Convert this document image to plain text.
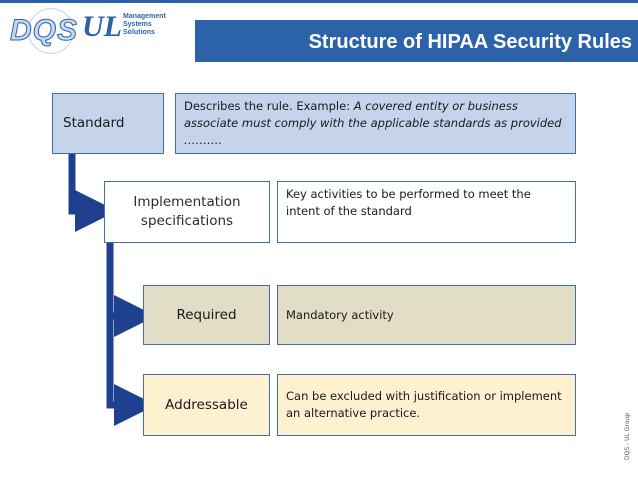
DQS UL Management
Systems
Solutions	Structure of HIPAA Security Rules
Standard
Describes the rule. Example: A covered entity or business associate must comply with the applicable standards as provided ……….
Implementation specifications
Key activities to be performed to meet the intent of the standard
Required	Mandatory activity
Addressable
Can be excluded with justification or implement an alternative practice.	DQS - UL Group
